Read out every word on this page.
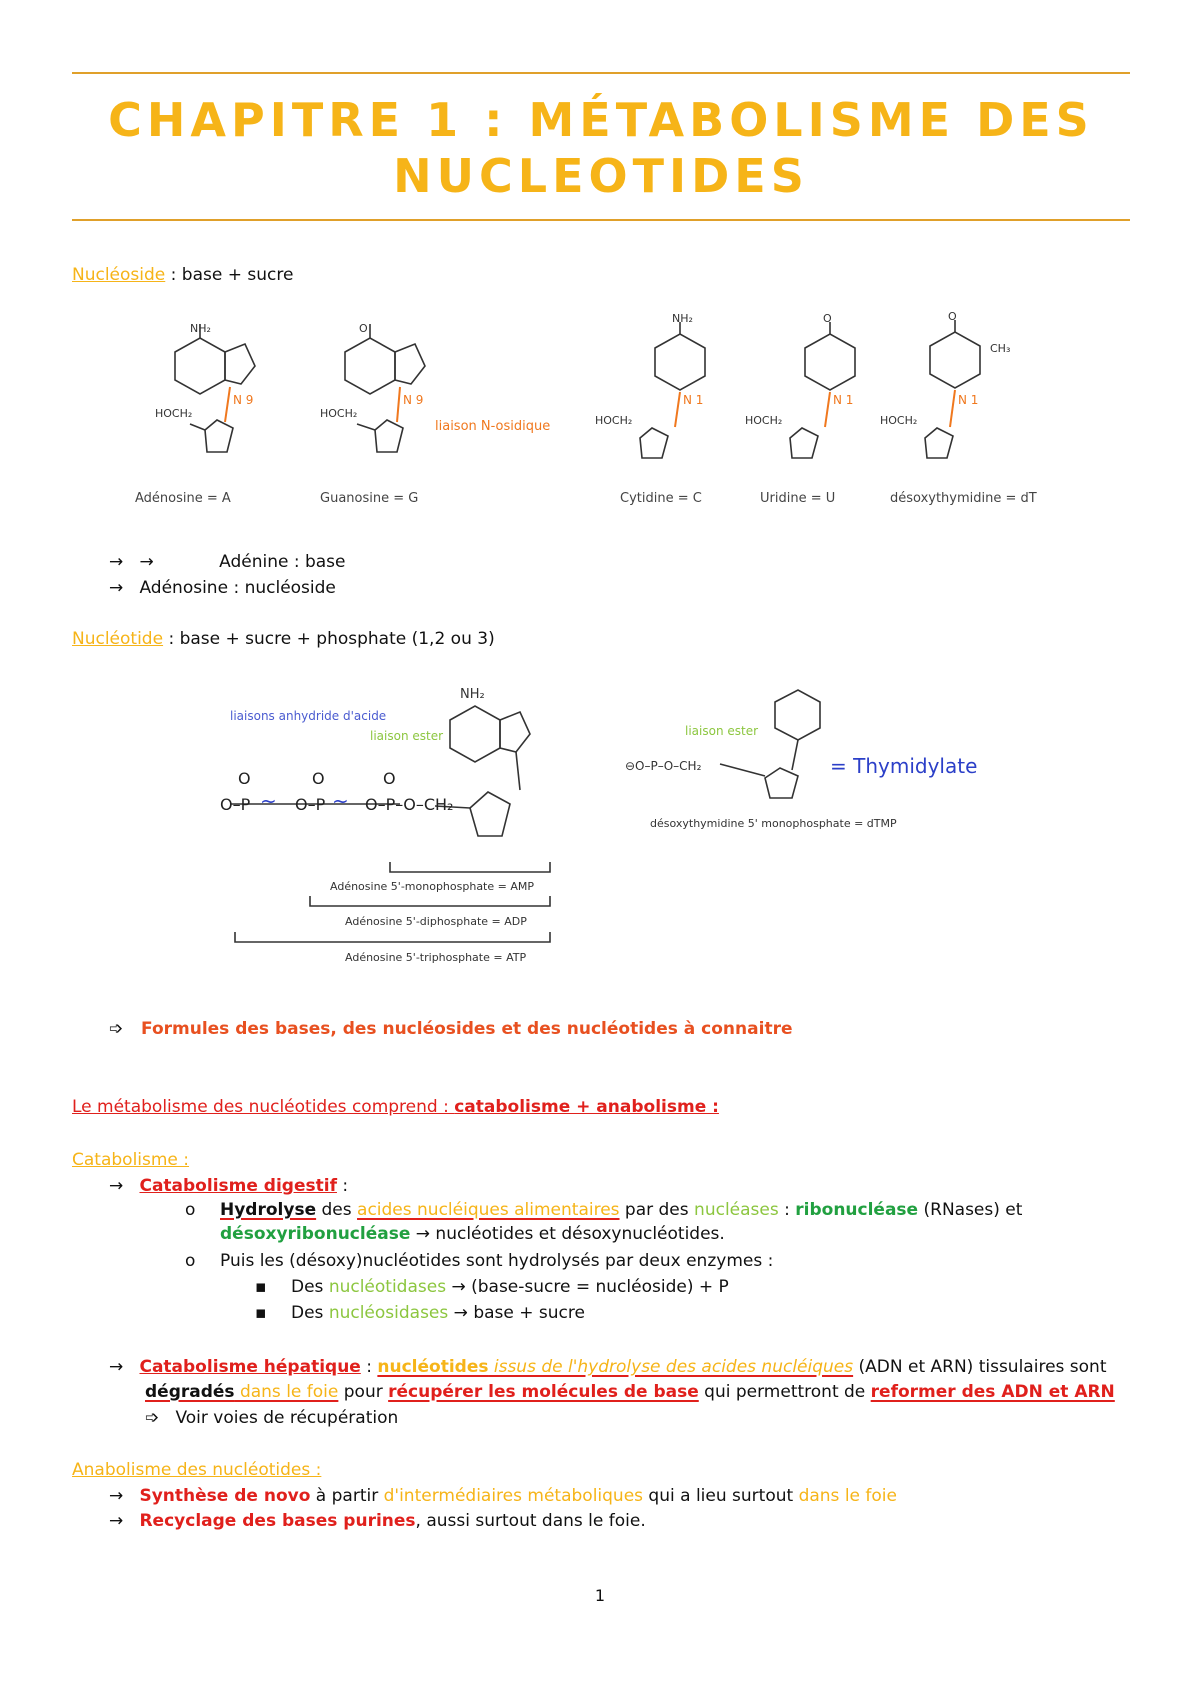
CHAPITRE 1 : MÉTABOLISME DES NUCLEOTIDES
Nucléoside : base + sucre
NH₂	O
NH₂	O	O
CH₃
HOCH₂	HOCH₂
HOCH₂	HOCH₂	HOCH₂
N 9	N 9	N 1	N 1	N 1
liaison N-osidique
Adénosine = A	Guanosine = G	Cytidine = C	Uridine = U	désoxythymidine = dT
→ →	Adénine : base
→ Adénosine : nucléoside
Nucléotide : base + sucre + phosphate (1,2 ou 3)
O–P	O–P O–P–O–CH₂
O	O	O
~	~
NH₂
liaisons anhydride d'acide
liaison ester
Adénosine 5'-monophosphate = AMP
Adénosine 5'-diphosphate = ADP
Adénosine 5'-triphosphate = ATP
liaison ester
⊖O–P–O–CH₂	= Thymidylate
désoxythymidine 5' monophosphate = dTMP
➩ Formules des bases, des nucléosides et des nucléotides à connaitre
Le métabolisme des nucléotides comprend : catabolisme + anabolisme :
Catabolisme :
→ Catabolisme digestif :
o Hydrolyse des acides nucléiques alimentaires par des nucléases : ribonucléase (RNases) et
désoxyribonucléase → nucléotides et désoxynucléotides.
o Puis les (désoxy)nucléotides sont hydrolysés par deux enzymes :
▪ Des nucléotidases → (base-sucre = nucléoside) + P
▪ Des nucléosidases → base + sucre
→ Catabolisme hépatique : nucléotides issus de l'hydrolyse des acides nucléiques (ADN et ARN) tissulaires sont
dégradés dans le foie pour récupérer les molécules de base qui permettront de reformer des ADN et ARN
➩ Voir voies de récupération
Anabolisme des nucléotides :
→ Synthèse de novo à partir d'intermédiaires métaboliques qui a lieu surtout dans le foie
→ Recyclage des bases purines, aussi surtout dans le foie.
1
